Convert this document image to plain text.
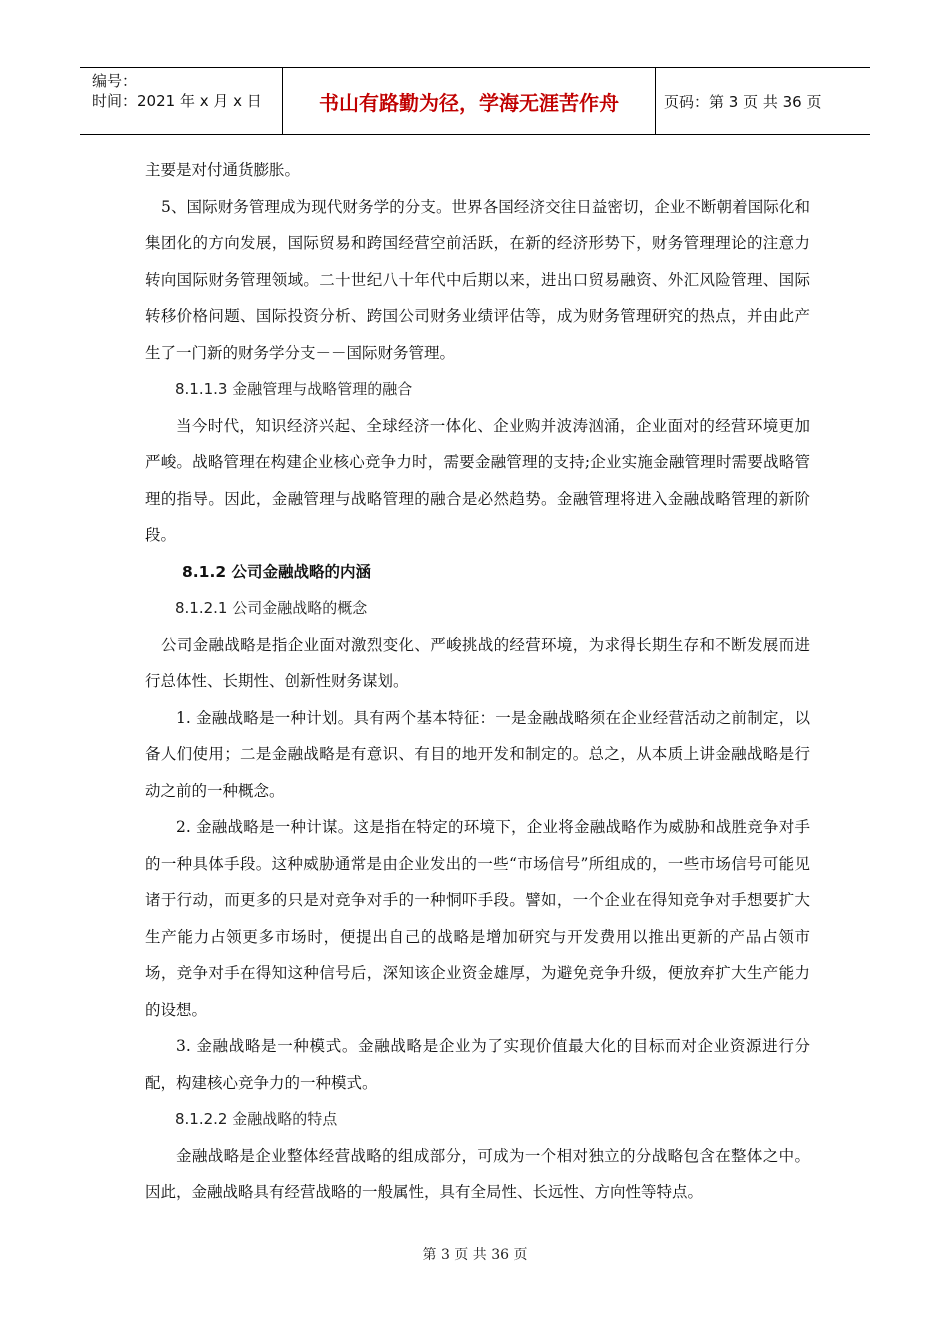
编号：
时间：2021 年 x 月 x 日	书山有路勤为径，学海无涯苦作舟	页码：第 3 页 共 36 页

主要是对付通货膨胀。

5、国际财务管理成为现代财务学的分支。世界各国经济交往日益密切，企业不断朝着国际化和集团化的方向发展，国际贸易和跨国经营空前活跃，在新的经济形势下，财务管理理论的注意力转向国际财务管理领域。二十世纪八十年代中后期以来，进出口贸易融资、外汇风险管理、国际转移价格问题、国际投资分析、跨国公司财务业绩评估等，成为财务管理研究的热点，并由此产生了一门新的财务学分支－－国际财务管理。

8.1.1.3 金融管理与战略管理的融合

当今时代，知识经济兴起、全球经济一体化、企业购并波涛汹涌，企业面对的经营环境更加严峻。战略管理在构建企业核心竞争力时，需要金融管理的支持;企业实施金融管理时需要战略管理的指导。因此，金融管理与战略管理的融合是必然趋势。金融管理将进入金融战略管理的新阶段。

8.1.2 公司金融战略的内涵

8.1.2.1 公司金融战略的概念

公司金融战略是指企业面对激烈变化、严峻挑战的经营环境，为求得长期生存和不断发展而进行总体性、长期性、创新性财务谋划。

1. 金融战略是一种计划。具有两个基本特征：一是金融战略须在企业经营活动之前制定，以备人们使用；二是金融战略是有意识、有目的地开发和制定的。总之，从本质上讲金融战略是行动之前的一种概念。

2. 金融战略是一种计谋。这是指在特定的环境下，企业将金融战略作为威胁和战胜竞争对手的一种具体手段。这种威胁通常是由企业发出的一些“市场信号”所组成的，一些市场信号可能见诸于行动，而更多的只是对竞争对手的一种恫吓手段。譬如，一个企业在得知竞争对手想要扩大生产能力占领更多市场时，便提出自己的战略是增加研究与开发费用以推出更新的产品占领市场，竞争对手在得知这种信号后，深知该企业资金雄厚，为避免竞争升级，便放弃扩大生产能力的设想。

3. 金融战略是一种模式。金融战略是企业为了实现价值最大化的目标而对企业资源进行分配，构建核心竞争力的一种模式。

8.1.2.2 金融战略的特点

金融战略是企业整体经营战略的组成部分，可成为一个相对独立的分战略包含在整体之中。因此，金融战略具有经营战略的一般属性，具有全局性、长远性、方向性等特点。

第 3 页 共 36 页
